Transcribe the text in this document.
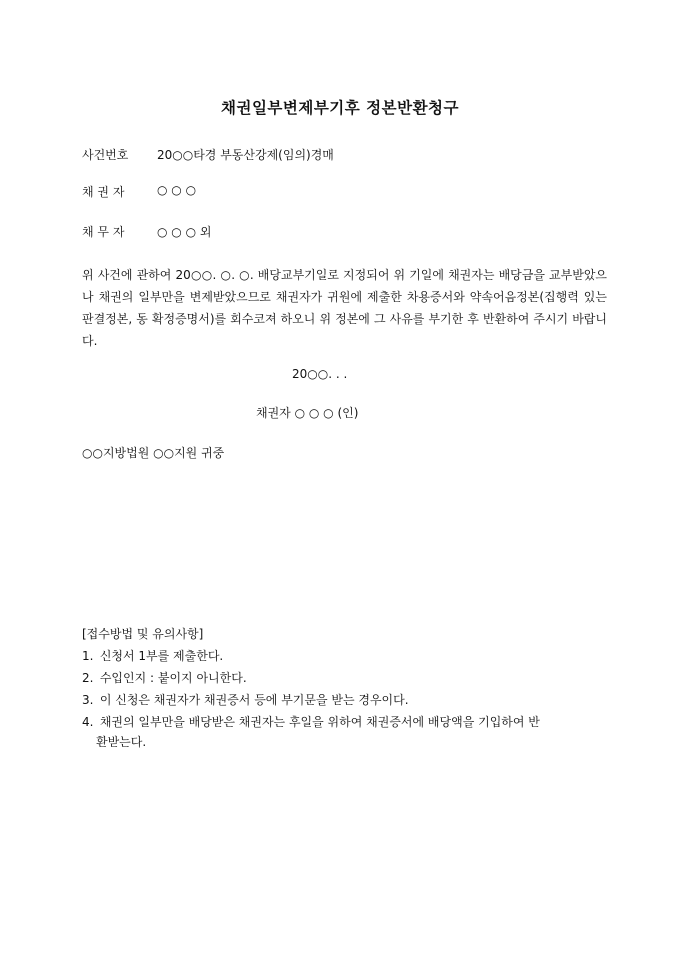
채권일부변제부기후 정본반환청구
사건번호 20○○타경 부동산강제(임의)경매
채 권 자	○ ○ ○
채 무 자	○ ○ ○ 외
위 사건에 관하여 20○○. ○. ○. 배당교부기일로 지정되어 위 기일에 채권자는 배당금을 교부받았으나 채권의 일부만을 변제받았으므로 채권자가 귀원에 제출한 차용증서와 약속어음정본(집행력 있는 판결정본, 동 확정증명서)를 회수코져 하오니 위 정본에 그 사유를 부기한 후 반환하여 주시기 바랍니다.
20○○. . .
채권자 ○ ○ ○ (인)
○○지방법원 ○○지원 귀중
[접수방법 및 유의사항]
1. 신청서 1부를 제출한다.
2. 수입인지 : 붙이지 아니한다.
3. 이 신청은 채권자가 채권증서 등에 부기문을 받는 경우이다.
4. 채권의 일부만을 배당받은 채권자는 후일을 위하여 채권증서에 배당액을 기입하여 반
환받는다.
